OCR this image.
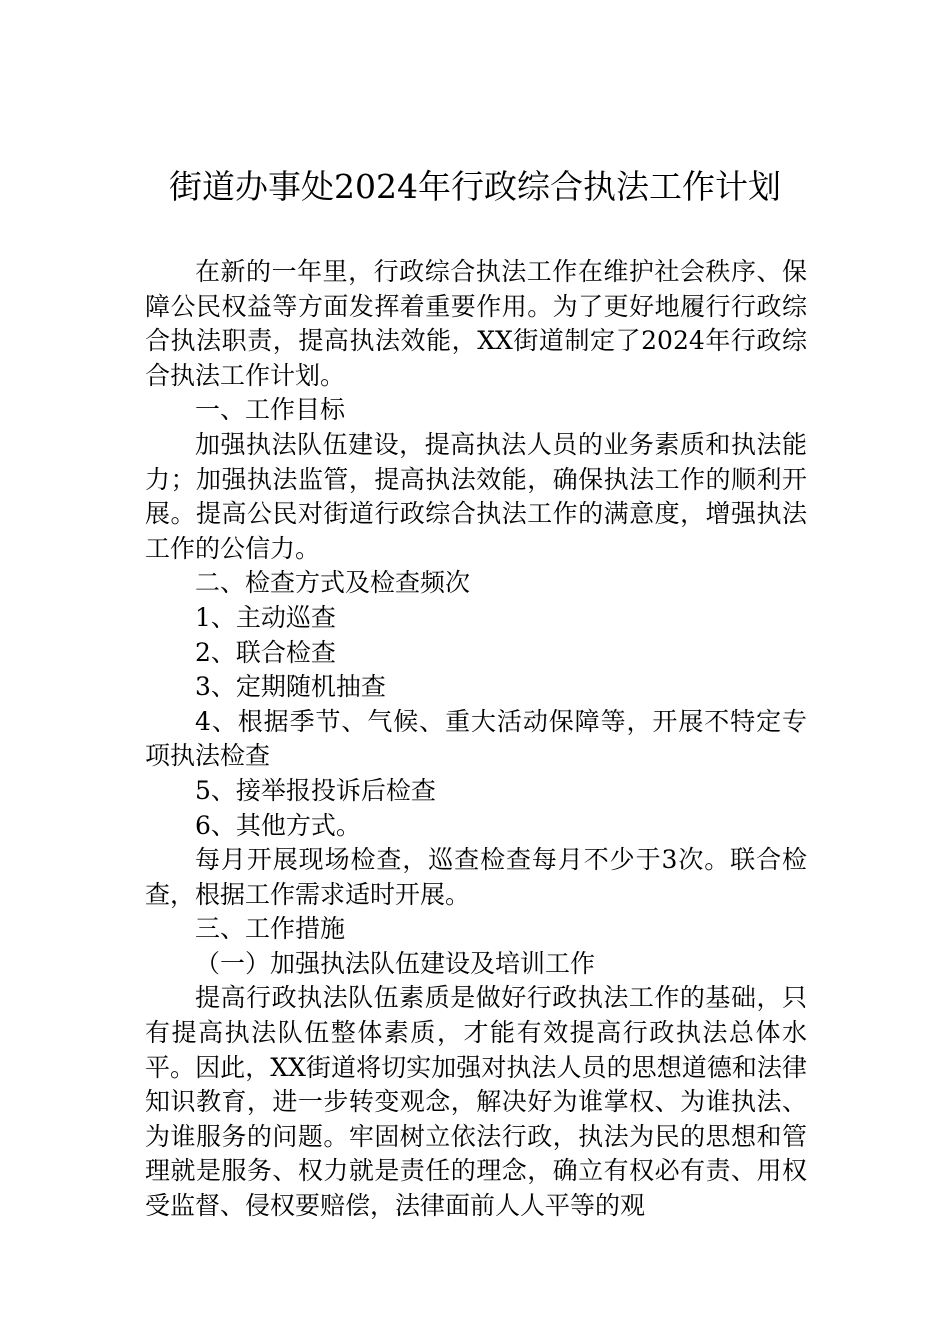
街道办事处2024年行政综合执法工作计划

在新的一年里，行政综合执法工作在维护社会秩序、保障公民权益等方面发挥着重要作用。为了更好地履行行政综合执法职责，提高执法效能，XX街道制定了2024年行政综合执法工作计划。

一、工作目标

加强执法队伍建设，提高执法人员的业务素质和执法能力；加强执法监管，提高执法效能，确保执法工作的顺利开展。提高公民对街道行政综合执法工作的满意度，增强执法工作的公信力。

二、检查方式及检查频次

1、主动巡查

2、联合检查

3、定期随机抽查

4、根据季节、气候、重大活动保障等，开展不特定专项执法检查

5、接举报投诉后检查

6、其他方式。

每月开展现场检查，巡查检查每月不少于3次。联合检查，根据工作需求适时开展。

三、工作措施

（一）加强执法队伍建设及培训工作

提高行政执法队伍素质是做好行政执法工作的基础，只有提高执法队伍整体素质，才能有效提高行政执法总体水平。因此，XX街道将切实加强对执法人员的思想道德和法律知识教育，进一步转变观念，解决好为谁掌权、为谁执法、为谁服务的问题。牢固树立依法行政，执法为民的思想和管理就是服务、权力就是责任的理念，确立有权必有责、用权受监督、侵权要赔偿，法律面前人人平等的观
